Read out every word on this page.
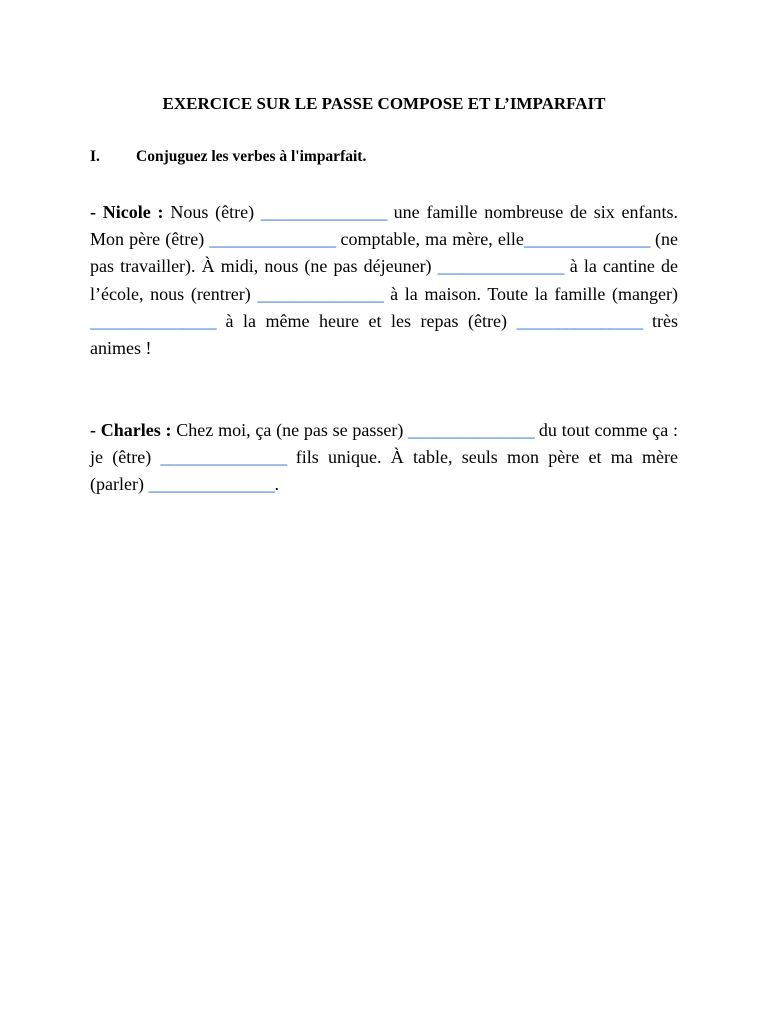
EXERCICE SUR LE PASSE COMPOSE ET L’IMPARFAIT
I. Conjuguez les verbes à l'imparfait.
- Nicole : Nous (être) _______________ une famille nombreuse de six enfants. Mon père (être) _______________ comptable, ma mère, elle_______________ (ne pas travailler). À midi, nous (ne pas déjeuner) _______________ à la cantine de l’école, nous (rentrer) _______________ à la maison. Toute la famille (manger) _______________ à la même heure et les repas (être) _______________ très animes !
- Charles : Chez moi, ça (ne pas se passer) _______________ du tout comme ça : je (être) _______________ fils unique. À table, seuls mon père et ma mère (parler) _______________.
